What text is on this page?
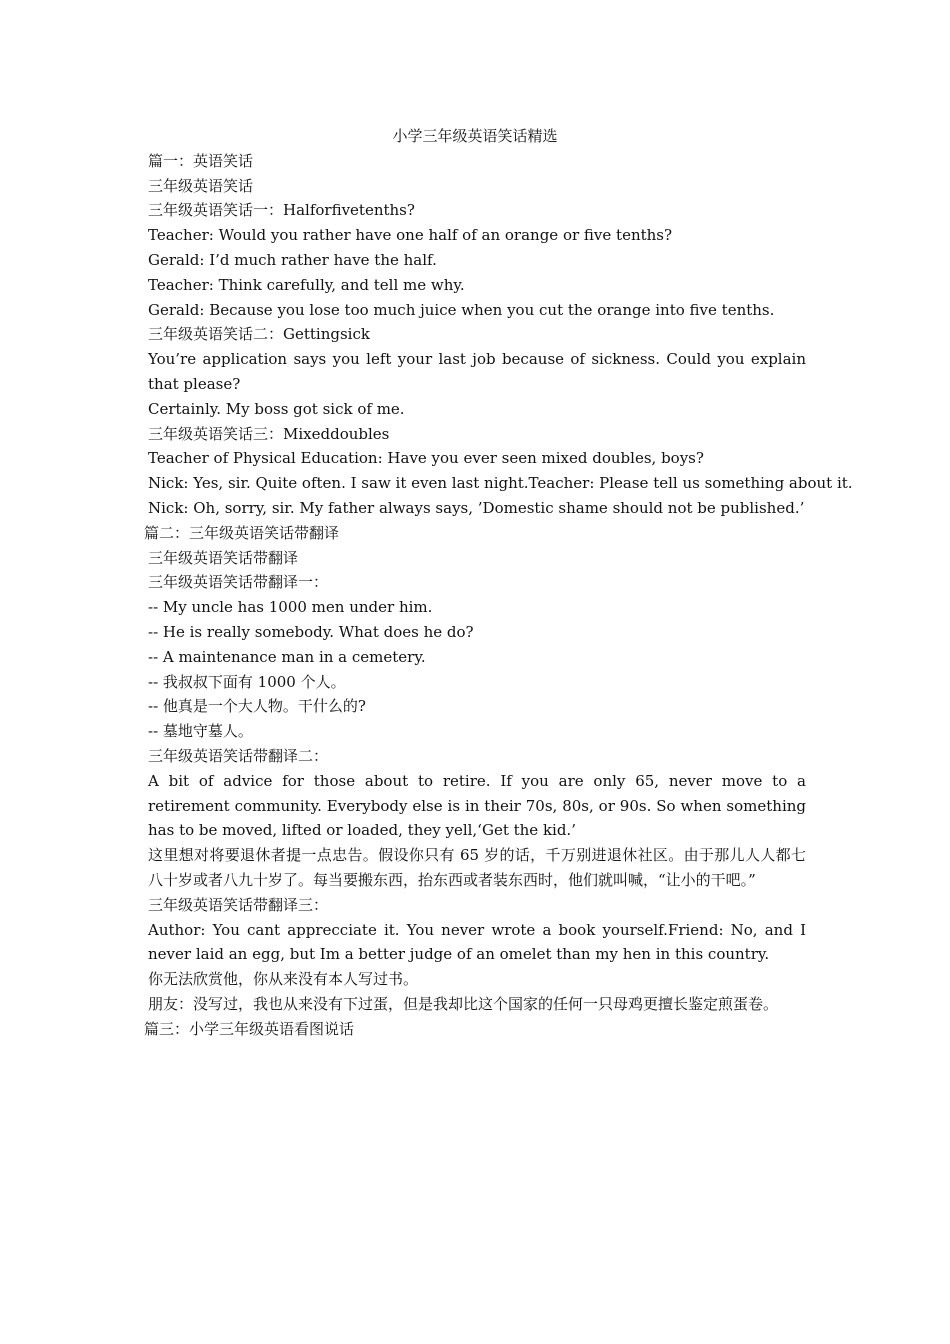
小学三年级英语笑话精选

篇一：英语笑话

三年级英语笑话

三年级英语笑话一：Halforfivetenths?

Teacher: Would you rather have one half of an orange or five tenths?

Gerald: I’d much rather have the half.

Teacher: Think carefully, and tell me why.

Gerald: Because you lose too much juice when you cut the orange into five tenths.

三年级英语笑话二：Gettingsick

You’re application says you left your last job because of sickness. Could you explain that please?

Certainly. My boss got sick of me.

三年级英语笑话三：Mixeddoubles

Teacher of Physical Education: Have you ever seen mixed doubles, boys?

Nick: Yes, sir. Quite often. I saw it even last night.Teacher: Please tell us something about it.

Nick: Oh, sorry, sir. My father always says, ’Domestic shame should not be published.’

篇二：三年级英语笑话带翻译

三年级英语笑话带翻译

三年级英语笑话带翻译一：

-- My uncle has 1000 men under him.

-- He is really somebody. What does he do?

-- A maintenance man in a cemetery.

-- 我叔叔下面有 1000 个人。

-- 他真是一个大人物。干什么的?

-- 墓地守墓人。

三年级英语笑话带翻译二：

A bit of advice for those about to retire. If you are only 65, never move to a retirement community. Everybody else is in their 70s, 80s, or 90s. So when something has to be moved, lifted or loaded, they yell,‘Get the kid.’

这里想对将要退休者提一点忠告。假设你只有 65 岁的话，千万别进退休社区。由于那儿人人都七八十岁或者八九十岁了。每当要搬东西，抬东西或者装东西时，他们就叫喊，“让小的干吧。”

三年级英语笑话带翻译三：

Author: You cant apprecciate it. You never wrote a book yourself.Friend: No, and I never laid an egg, but Im a better judge of an omelet than my hen in this country.

你无法欣赏他，你从来没有本人写过书。

朋友：没写过，我也从来没有下过蛋，但是我却比这个国家的任何一只母鸡更擅长鉴定煎蛋卷。

篇三：小学三年级英语看图说话
